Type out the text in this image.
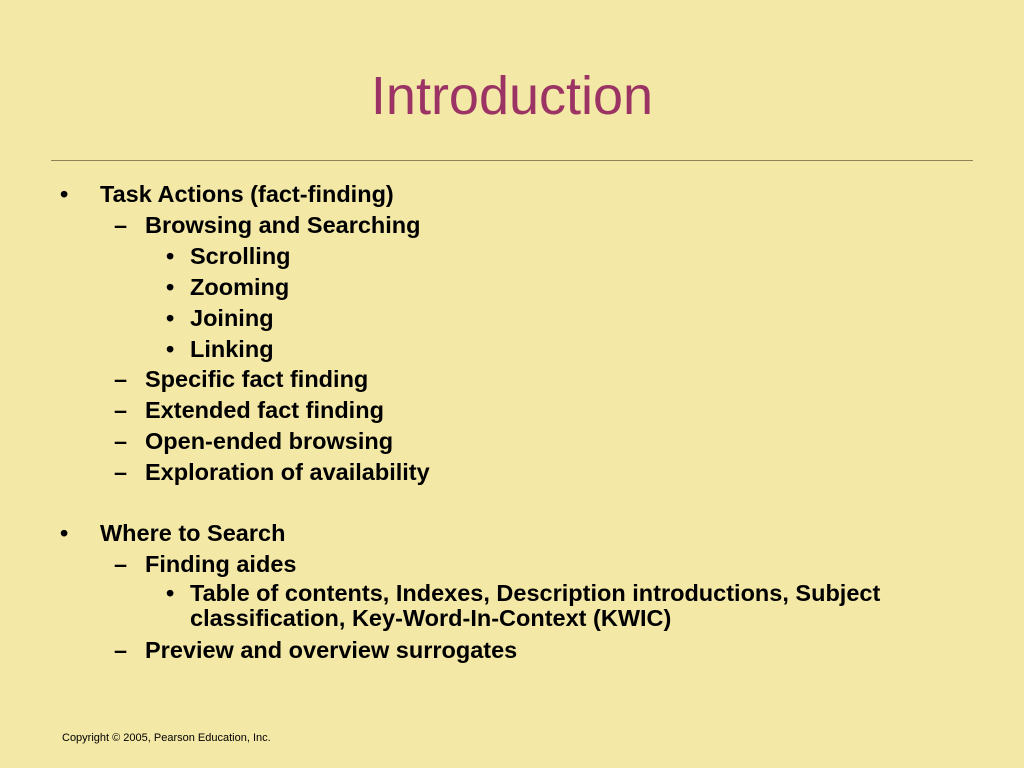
Introduction
• Task Actions (fact-finding)
– Browsing and Searching
• Scrolling
• Zooming
• Joining
• Linking
– Specific fact finding
– Extended fact finding
– Open-ended browsing
– Exploration of availability
• Where to Search
– Finding aides
• Table of contents, Indexes, Description introductions, Subject classification, Key-Word-In-Context (KWIC)
– Preview and overview surrogates
Copyright © 2005, Pearson Education, Inc.
